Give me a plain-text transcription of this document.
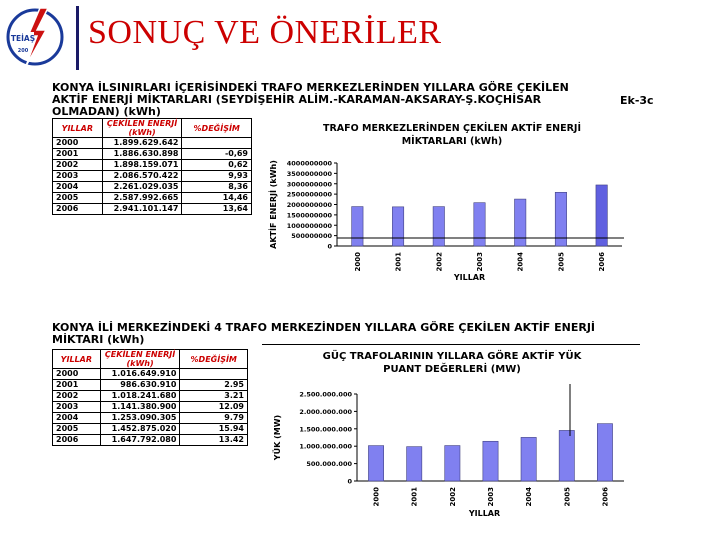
TEİAŞ
200 SONUÇ VE ÖNERİLER
KONYA İLSINIRLARI İÇERİSİNDEKİ TRAFO MERKEZLERİNDEN YILLARA GÖRE ÇEKİLEN
AKTİF ENERJİ MİKTARLARI (SEYDİŞEHİR ALİM.-KARAMAN-AKSARAY-Ş.KOÇHİSAR
OLMADAN) (kWh)
Ek-3c
YILLAR	ÇEKİLEN ENERJİ (kWh)	%DEĞİŞİM
2000	1.899.629.642	
2001	1.886.630.898	-0,69
2002	1.898.159.071	0,62
2003	2.086.570.422	9,93
2004	2.261.029.035	8,36
2005	2.587.992.665	14,46
2006	2.941.101.147	13,64
TRAFO MERKEZLERİNDEN ÇEKİLEN AKTİF ENERJİ MİKTARLARI (kWh)
4000000000
3500000000
3000000000
2500000000
2000000000
1500000000
1000000000
500000000
0
2000	2001	2002	2003	2004	2005	2006
AKTİF ENERJİ (kWh)
YILLAR
KONYA İLİ MERKEZİNDEKİ 4 TRAFO MERKEZİNDEN YILLARA GÖRE ÇEKİLEN AKTİF ENERJİ
MİKTARI (kWh)
YILLAR	ÇEKİLEN ENERJİ (kWh)	%DEĞİŞİM
2000	1.016.649.910	
2001	986.630.910	2.95
2002	1.018.241.680	3.21
2003	1.141.380.900	12.09
2004	1.253.090.305	9.79
2005	1.452.875.020	15.94
2006	1.647.792.080	13.42
GÜÇ TRAFOLARININ YILLARA GÖRE AKTİF YÜK PUANT DEĞERLERİ (MW)
2.500.000.000
2.000.000.000
1.500.000.000
1.000.000.000
500.000.000
0
2000	2001	2002	2003	2004	2005	2006
YÜK (MW)
YILLAR
